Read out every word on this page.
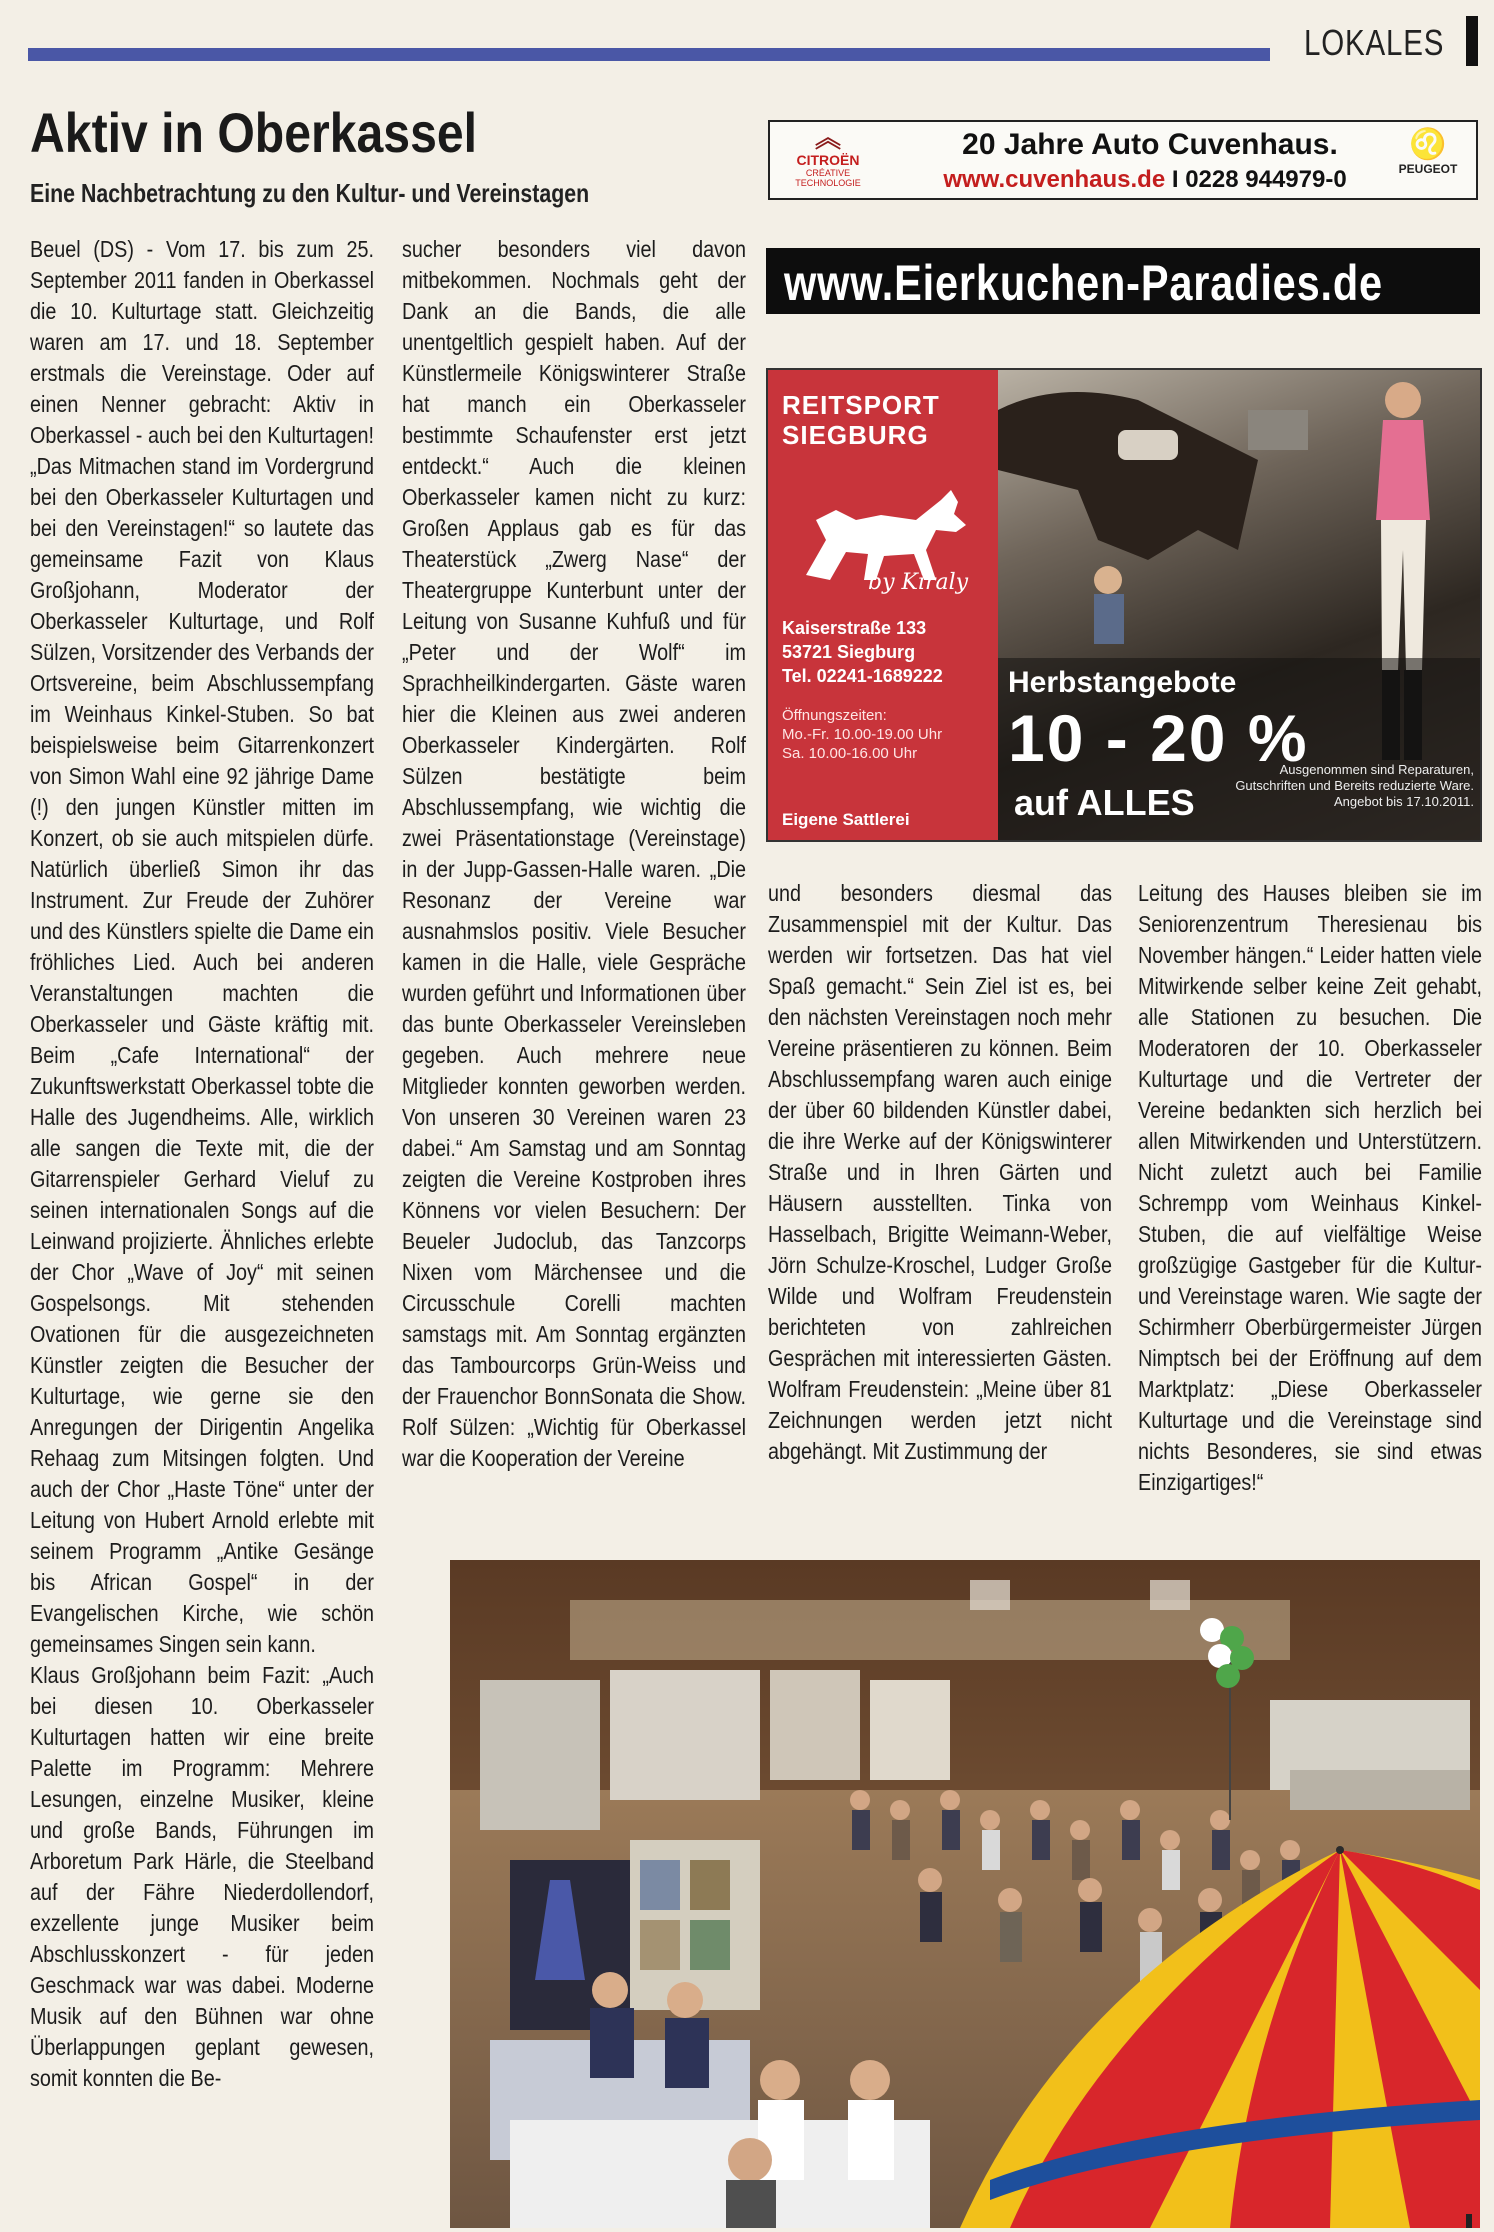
LOKALES
Aktiv in Oberkassel
Eine Nachbetrachtung zu den Kultur- und Vereinstagen

Beuel (DS) - Vom 17. bis zum 25. September 2011 fanden in Oberkassel die 10. Kulturtage statt. Gleichzeitig waren am 17. und 18. September erstmals die Vereinstage. Oder auf einen Nenner gebracht: Aktiv in Oberkassel - auch bei den Kulturtagen! „Das Mitmachen stand im Vordergrund bei den Oberkasseler Kulturtagen und bei den Vereinstagen!“ so lautete das gemeinsame Fazit von Klaus Großjohann, Moderator der Oberkasseler Kulturtage, und Rolf Sülzen, Vorsitzender des Verbands der Ortsvereine, beim Abschlussempfang im Weinhaus Kinkel-Stuben. So bat beispielsweise beim Gitarrenkonzert von Simon Wahl eine 92 jährige Dame (!) den jungen Künstler mitten im Konzert, ob sie auch mitspielen dürfe. Natürlich überließ Simon ihr das Instrument. Zur Freude der Zuhörer und des Künstlers spielte die Dame ein fröhliches Lied. Auch bei anderen Veranstaltungen machten die Oberkasseler und Gäste kräftig mit. Beim „Cafe International“ der Zukunftswerkstatt Oberkassel tobte die Halle des Jugendheims. Alle, wirklich alle sangen die Texte mit, die der Gitarrenspieler Gerhard Vieluf zu seinen internationalen Songs auf die Leinwand projizierte. Ähnliches erlebte der Chor „Wave of Joy“ mit seinen Gospelsongs. Mit stehenden Ovationen für die ausgezeichneten Künstler zeigten die Besucher der Kulturtage, wie gerne sie den Anregungen der Dirigentin Angelika Rehaag zum Mitsingen folgten. Und auch der Chor „Haste Töne“ unter der Leitung von Hubert Arnold erlebte mit seinem Programm „Antike Gesänge bis African Gospel“ in der Evangelischen Kirche, wie schön gemeinsames Singen sein kann.

Klaus Großjohann beim Fazit: „Auch bei diesen 10. Oberkasseler Kulturtagen hatten wir eine breite Palette im Programm: Mehrere Lesungen, einzelne Musiker, kleine und große Bands, Führungen im Arboretum Park Härle, die Steelband auf der Fähre Niederdollendorf, exzellente junge Musiker beim Abschlusskonzert - für jeden Geschmack war was dabei. Moderne Musik auf den Bühnen war ohne Überlappungen geplant gewesen, somit konnten die Be-

sucher besonders viel davon mitbekommen. Nochmals geht der Dank an die Bands, die alle unentgeltlich gespielt haben. Auf der Künstlermeile Königswinterer Straße hat manch ein Oberkasseler bestimmte Schaufenster erst jetzt entdeckt.“ Auch die kleinen Oberkasseler kamen nicht zu kurz: Großen Applaus gab es für das Theaterstück „Zwerg Nase“ der Theatergruppe Kunterbunt unter der Leitung von Susanne Kuhfuß und für „Peter und der Wolf“ im Sprachheilkindergarten. Gäste waren hier die Kleinen aus zwei anderen Oberkasseler Kindergärten. Rolf Sülzen bestätigte beim Abschlussempfang, wie wichtig die zwei Präsentationstage (Vereinstage) in der Jupp-Gassen-Halle waren. „Die Resonanz der Vereine war ausnahmslos positiv. Viele Besucher kamen in die Halle, viele Gespräche wurden geführt und Informationen über das bunte Oberkasseler Vereinsleben gegeben. Auch mehrere neue Mitglieder konnten geworben werden. Von unseren 30 Vereinen waren 23 dabei.“ Am Samstag und am Sonntag zeigten die Vereine Kostproben ihres Könnens vor vielen Besuchern: Der Beueler Judoclub, das Tanzcorps Nixen vom Märchensee und die Circusschule Corelli machten samstags mit. Am Sonntag ergänzten das Tambourcorps Grün-Weiss und der Frauenchor BonnSonata die Show. Rolf Sülzen: „Wichtig für Oberkassel war die Kooperation der Vereine

und besonders diesmal das Zusammenspiel mit der Kultur. Das werden wir fortsetzen. Das hat viel Spaß gemacht.“ Sein Ziel ist es, bei den nächsten Vereinstagen noch mehr Vereine präsentieren zu können. Beim Abschlussempfang waren auch einige der über 60 bildenden Künstler dabei, die ihre Werke auf der Königswinterer Straße und in Ihren Gärten und Häusern ausstellten. Tinka von Hasselbach, Brigitte Weimann-Weber, Jörn Schulze-Kroschel, Ludger Große Wilde und Wolfram Freudenstein berichteten von zahlreichen Gesprächen mit interessierten Gästen. Wolfram Freudenstein: „Meine über 81 Zeichnungen werden jetzt nicht abgehängt. Mit Zustimmung der

Leitung des Hauses bleiben sie im Seniorenzentrum Theresienau bis November hängen.“ Leider hatten viele Mitwirkende selber keine Zeit gehabt, alle Stationen zu besuchen. Die Moderatoren der 10. Oberkasseler Kulturtage und die Vertreter der Vereine bedankten sich herzlich bei allen Mitwirkenden und Unterstützern. Nicht zuletzt auch bei Familie Schrempp vom Weinhaus Kinkel-Stuben, die auf vielfältige Weise großzügige Gastgeber für die Kultur- und Vereinstage waren. Wie sagte der Schirmherr Oberbürgermeister Jürgen Nimptsch bei der Eröffnung auf dem Marktplatz: „Diese Oberkasseler Kulturtage und die Vereinstage sind nichts Besonderes, sie sind etwas Einzigartiges!“

︽
CITROËN
CRÉATIVE TECHNOLOGIE
20 Jahre Auto Cuvenhaus.
www.cuvenhaus.de I 0228 944979-0
♌
PEUGEOT
www.Eierkuchen-Paradies.de
REITSPORT
SIEGBURG
by Kiraly
Kaiserstraße 133
53721 Siegburg
Tel. 02241-1689222
Öffnungszeiten:
Mo.-Fr. 10.00-19.00 Uhr
Sa. 10.00-16.00 Uhr
Eigene Sattlerei
Herbstangebote
10 - 20 %
auf ALLES
Ausgenommen sind Reparaturen, Gutschriften und Bereits reduzierte Ware. Angebot bis 17.10.2011.
